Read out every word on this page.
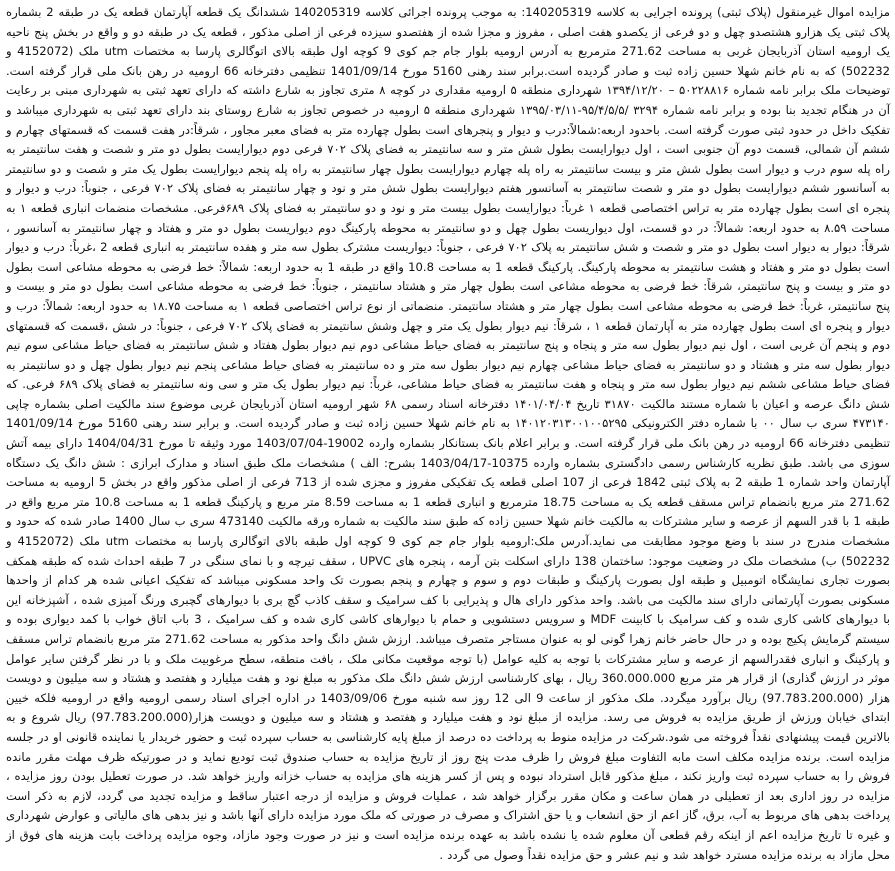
مزایده اموال غیرمنقول (پلاک ثبتی) پرونده اجرایی به کلاسه 140205319: به موجب پرونده اجرائی کلاسه 140205319 ششدانگ یک قطعه آپارتمان قطعه یک در طبقه 2 بشماره پلاک ثبتی یک هزارو هشتصدو چهل و دو فرعی از یکصدو هفت اصلی ، مفروز و مجزا شده از هفتصدو سیزده فرعی از اصلی مذکور ، قطعه یک در طبقه دو و واقع در بخش پنج ناحیه یک ارومیه استان آذربایجان غربی به مساحت 271.62 مترمربع به آدرس ارومیه بلوار جام جم کوی 9 کوچه اول طبقه بالای اتوگالری پارسا به مختصات utm ملک (4152072 و 502232) که به نام خانم شهلا حسین زاده ثبت و صادر گردیده است.برابر سند رهنی 5160 مورخ 1401/09/14 تنظیمی دفترخانه 66 ارومیه در رهن بانک ملی قرار گرفته است. توضیحات ملک برابر نامه شماره ۵۰۲۲۸۸۱۶ – ۱۳۹۴/۱۲/۲۰ شهرداری منطقه ۵ ارومیه مقداری در کوچه ۸ متری تجاوز به شارع داشته که دارای تعهد ثبتی به شهرداری مبنی بر رعایت آن در هنگام تجدید بنا بوده و برابر نامه شماره ۳۲۹۴ /۹۵/۴/۵/۵-۱۳۹۵/۰۳/۱۱ شهرداری منطقه ۵ ارومیه در خصوص تجاوز به شارع روستای بند دارای تعهد ثبتی به شهرداری میباشد و تفکیک داخل در حدود ثبتی صورت گرفته است. باحدود اربعه:شمالاً:درب و دیوار و پنجرهای است بطول چهارده متر به فضای معبر مجاور ، شرقاً:در هفت قسمت که قسمتهای چهارم و ششم آن شمالی، قسمت دوم آن جنوبی است ، اول دیوارایست بطول شش متر و سه سانتیمتر به فضای پلاک ۷۰۲ فرعی دوم دیوارایست بطول دو متر و شصت و هفت سانتیمتر به راه پله سوم درب و دیوار است بطول شش متر و بیست سانتیمتر به راه پله چهارم دیوارایست بطول چهار سانتیمتر به راه پله پنجم دیوارایست بطول یک متر و شصت و دو سانتیمتر به آسانسور ششم دیوارایست بطول دو متر و شصت سانتیمتر به آسانسور هفتم دیوارایست بطول شش متر و نود و چهار سانتیمتر به فضای پلاک ۷۰۲ فرعی ، جنوباً: درب و دیوار و پنجره ای است بطول چهارده متر به تراس اختصاصی قطعه ۱ غرباً: دیوارایست بطول بیست متر و نود و دو سانتیمتر به فضای پلاک ۶۸۹فرعی. مشخصات منضمات انباری قطعه ۱ به مساحت ۸.۵۹ به حدود اربعه: شمالاً: در دو قسمت، اول دیواریست بطول چهل و دو سانتیمتر به محوطه پارکینگ دوم دیواریست بطول دو متر و هفتاد و چهار سانتیمتر به آسانسور ، شرقاً: دیوار به دیوار است بطول دو متر و شصت و شش سانتیمتر به پلاک ۷۰۲ فرعی ، جنوباً: دیواریست مشترک بطول سه متر و هفده سانتیمتر به انباری قطعه 2 ،غرباً: درب و دیوار است بطول دو متر و هفتاد و هشت سانتیمتر به محوطه پارکینگ. پارکینگ قطعه 1 به مساحت 10.8 واقع در طبقه 1 به حدود اربعه: شمالاً: خط فرضی به محوطه مشاعی است بطول دو متر و بیست و پنج سانتیمتر، شرقاً: خط فرضی به محوطه مشاعی است بطول چهار متر و هشتاد سانتیمتر ، جنوباً: خط فرضی به محوطه مشاعی است بطول دو متر و بیست و پنج سانتیمتر، غرباً: خط فرضی به محوطه مشاعی است بطول چهار متر و هشتاد سانتیمتر. منضماتی از نوع تراس اختصاصی قطعه ۱ به مساحت ۱۸.۷۵ به حدود اربعه: شمالاً: درب و دیوار و پنجره ای است بطول چهارده متر به آپارتمان قطعه ۱ ، شرقاً: نیم دیوار بطول یک متر و چهل وشش سانتیمتر به فضای پلاک ۷۰۲ فرعی ، جنوباً: در شش ،قسمت که قسمتهای دوم و پنجم آن غربی است ، اول نیم دیوار بطول سه متر و پنجاه و پنج سانتیمتر به فضای حیاط مشاعی دوم نیم دیوار بطول هفتاد و شش سانتیمتر به فضای حیاط مشاعی سوم نیم دیوار بطول سه متر و هشتاد و دو سانتیمتر به فضای حیاط مشاعی چهارم نیم دیوار بطول سه متر و ده سانتیمتر به فضای حیاط مشاعی پنجم نیم دیوار بطول چهل و دو سانتیمتر به فضای حیاط مشاعی ششم نیم دیوار بطول سه متر و پنجاه و هفت سانتیمتر به فضای حیاط مشاعی، غرباً: نیم دیوار بطول یک متر و سی ونه سانتیمتر به فضای پلاک ۶۸۹ فرعی. که شش دانگ عرصه و اعیان با شماره مستند مالکیت ۳۱۸۷۰ تاریخ ۱۴۰۱/۰۴/۰۴ دفترخانه اسناد رسمی ۶۸ شهر ارومیه استان آذربایجان غربی موضوع سند مالکیت اصلی بشماره چاپی ۴۷۳۱۴۰ سری ب سال ۰۰ با شماره دفتر الکترونیکی ۱۴۰۱۲۰۳۱۳۰۰۱۰۰۵۲۹۵ به نام خانم شهلا حسین زاده ثبت و صادر گردیده است. و برابر سند رهنی 5160 مورخ 1401/09/14 تنظیمی دفترخانه 66 ارومیه در رهن بانک ملی قرار گرفته است. و برابر اعلام بانک بستانکار بشماره وارده 19002-1403/07/04 مورد وثیقه تا مورخ 1404/04/31 دارای بیمه آتش سوزی می باشد. طبق نظریه کارشناس رسمی دادگستری بشماره وارده 10375-1403/04/17 بشرح: الف ) مشخصات ملک طبق اسناد و مدارک ابرازی : شش دانگ یک دستگاه آپارتمان واحد شماره 1 طبقه 2 به پلاک ثبتی 1842 فرعی از 107 اصلی قطعه یک تفکیکی مفروز و مجزی شده از 713 فرعی از اصلی مذکور واقع در بخش 5 ارومیه به مساحت 271.62 متر مربع بانضمام تراس مسقف قطعه یک به مساحت 18.75 مترمربع و انباری قطعه 1 به مساحت 8.59 متر مربع و پارکینگ قطعه 1 به مساحت 10.8 متر مربع واقع در طبقه 1 با قدر السهم از عرصه و سایر مشترکات به مالکیت خانم شهلا حسین زاده که طبق سند مالکیت به شماره ورقه مالکیت 473140 سری ب سال 1400 صادر شده که حدود و مشخصات مندرج در سند با وضع موجود مطابقت می نماید.آدرس ملک:ارومیه بلوار جام جم کوی 9 کوچه اول طبقه بالای اتوگالری پارسا به مختصات utm ملک (4152072 و 502232) ب) مشخصات ملک در وضعیت موجود: ساختمان 138 دارای اسکلت بتن آرمه ، پنجره های UPVC ، سقف تیرچه و با نمای سنگی در 7 طبقه احداث شده که طبقه همکف بصورت تجاری نمایشگاه اتومبیل و طبقه اول بصورت پارکینگ و طبقات دوم و سوم و چهارم و پنجم بصورت تک واحد مسکونی میباشد که تفکیک اعیانی شده هر کدام از واحدها مسکونی بصورت آپارتمانی دارای سند مالکیت می باشد. واحد مذکور دارای هال و پذیرایی با کف سرامیک و سقف کاذب گچ بری با دیوارهای گچبری ورنگ آمیزی شده ، آشپزخانه این با دیوارهای کاشی کاری شده و کف سرامیک با کابینت MDF و سرویس دستشویی و حمام با دیوارهای کاشی کاری شده و کف سرامیک ، 3 باب اتاق خواب با کمد دیواری بوده و سیستم گرمایش پکیج بوده و در حال حاضر خانم زهرا گونی لو به عنوان مستاجر متصرف میباشد. ارزش شش دانگ واحد مذکور به مساحت 271.62 متر مربع بانضمام تراس مسقف و پارکینگ و انباری فقدرالسهم از عرصه و سایر مشترکات با توجه به کلیه عوامل (با توجه موقعیت مکانی ملک ، بافت منطقه، سطح مرغوبیت ملک و با در نظر گرفتن سایر عوامل موثر در ارزش گذاری) از قرار هر متر مربع 360.000.000 ریال ، بهای کارشناسی ارزش شش دانگ ملک مذکور به مبلغ نود و هفت میلیارد و هفتصد و هشتاد و سه میلیون و دویست هزار (97.783.200.000) ریال برآورد میگردد. ملک مذکور از ساعت 9 الی 12 روز سه شنبه مورخ 1403/09/06 در اداره اجرای اسناد رسمی ارومیه واقع در ارومیه فلکه خیین ابتدای خیابان ورزش از طریق مزایده به فروش می رسد. مزایده از مبلغ نود و هفت میلیارد و هفتصد و هشتاد و سه میلیون و دویست هزار(97.783.200.000) ریال شروع و به بالاترین قیمت پیشنهادی نقداً فروخته می شود.شرکت در مزایده منوط به پرداخت ده درصد از مبلغ پایه کارشناسی به حساب سپرده ثبت و حضور خریدار یا نماینده قانونی او در جلسه مزایده است. برنده مزایده مکلف است مابه التفاوت مبلغ فروش را ظرف مدت پنج روز از تاریخ مزایده به حساب صندوق ثبت تودیع نماید و در صورتیکه ظرف مهلت مقرر مانده فروش را به حساب سپرده ثبت واریز نکند ، مبلغ مذکور قابل استرداد نبوده و پس از کسر هزینه های مزایده به حساب خزانه واریز خواهد شد. در صورت تعطیل بودن روز مزایده ، مزایده در روز اداری بعد از تعطیلی در همان ساعت و مکان مقرر برگزار خواهد شد ، عملیات فروش و مزایده از درجه اعتبار ساقط و مزایده تجدید می گردد، لازم به ذکر است پرداخت بدهی های مربوط به آب، برق، گاز اعم از حق انشعاب و یا حق اشتراک و مصرف در صورتی که ملک مورد مزایده دارای آنها باشد و نیز بدهی های مالیاتی و عوارض شهرداری و غیره تا تاریخ مزایده اعم از اینکه رقم قطعی آن معلوم شده یا نشده باشد به عهده برنده مزایده است و نیز در صورت وجود مازاد، وجوه مزایده پرداخت بابت هزینه های فوق از محل مازاد به برنده مزایده مسترد خواهد شد و نیم عشر و حق مزایده نقداً وصول می گردد .
